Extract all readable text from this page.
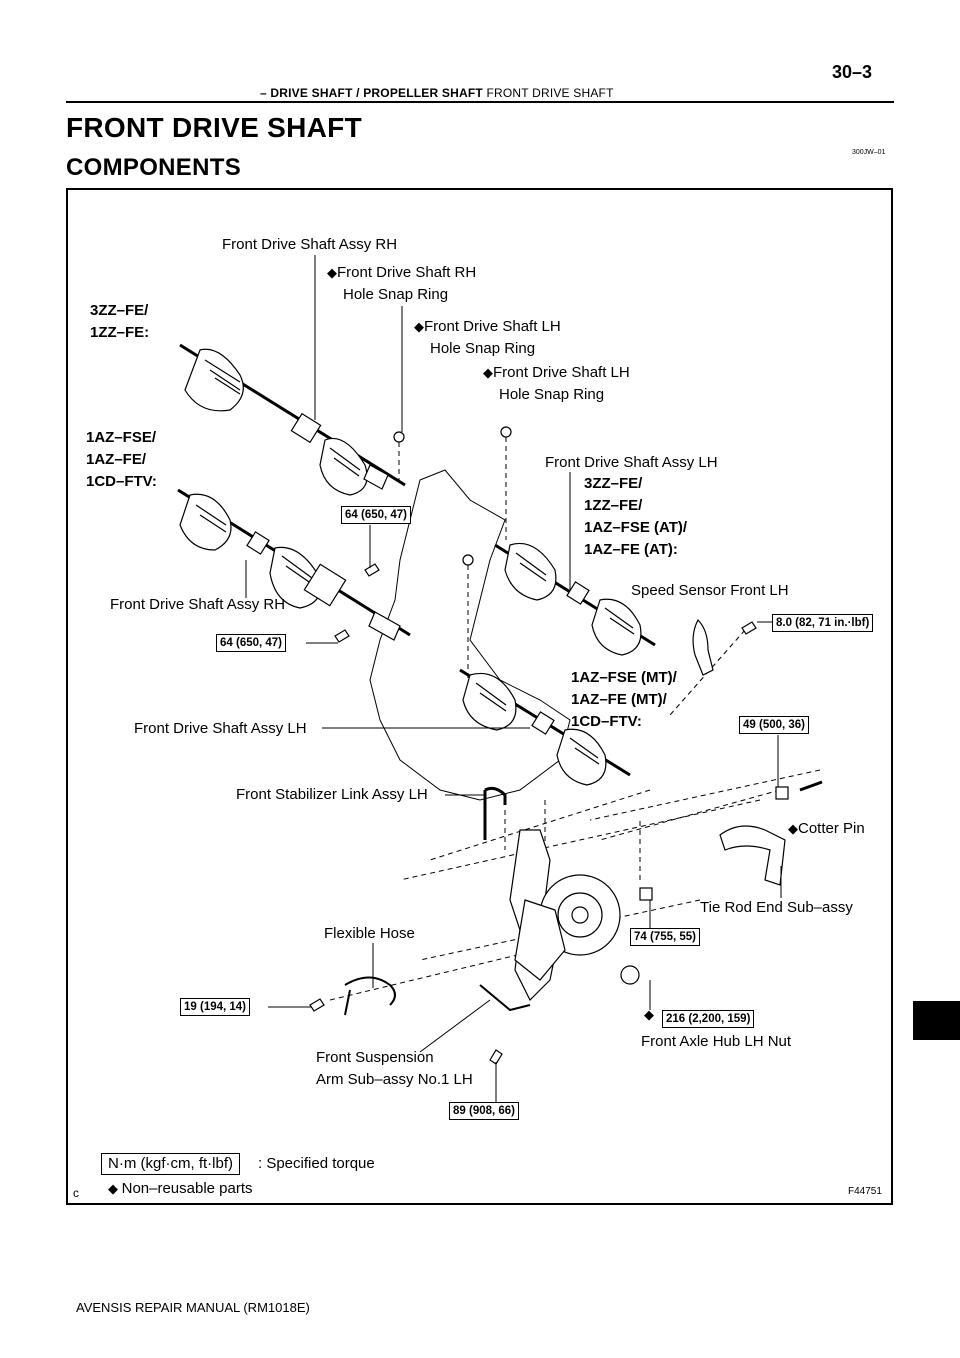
30–3
– DRIVE SHAFT / PROPELLER SHAFT FRONT DRIVE SHAFT
FRONT DRIVE SHAFT
COMPONENTS
300JW–01
Front Drive Shaft Assy RH
◆Front Drive Shaft RH
Hole Snap Ring
3ZZ–FE/
1ZZ–FE:	◆Front Drive Shaft LH
Hole Snap Ring
◆Front Drive Shaft LH
Hole Snap Ring
1AZ–FSE/
1AZ–FE/
1CD–FTV:
Front Drive Shaft Assy LH
3ZZ–FE/
1ZZ–FE/
1AZ–FSE (AT)/
1AZ–FE (AT):
64 (650, 47)
Speed Sensor Front LH
Front Drive Shaft Assy RH
8.0 (82, 71 in.·lbf)
64 (650, 47)
1AZ–FSE (MT)/
1AZ–FE (MT)/
1CD–FTV:	49 (500, 36)
Front Drive Shaft Assy LH
Front Stabilizer Link Assy LH
◆Cotter Pin
Tie Rod End Sub–assy
Flexible Hose	74 (755, 55)
19 (194, 14)	◆	216 (2,200, 159)
Front Axle Hub LH Nut
Front Suspension
Arm Sub–assy No.1 LH
89 (908, 66)
N·m (kgf·cm, ft·lbf)	: Specified torque
◆ Non–reusable parts
c	F44751
AVENSIS REPAIR MANUAL (RM1018E)
